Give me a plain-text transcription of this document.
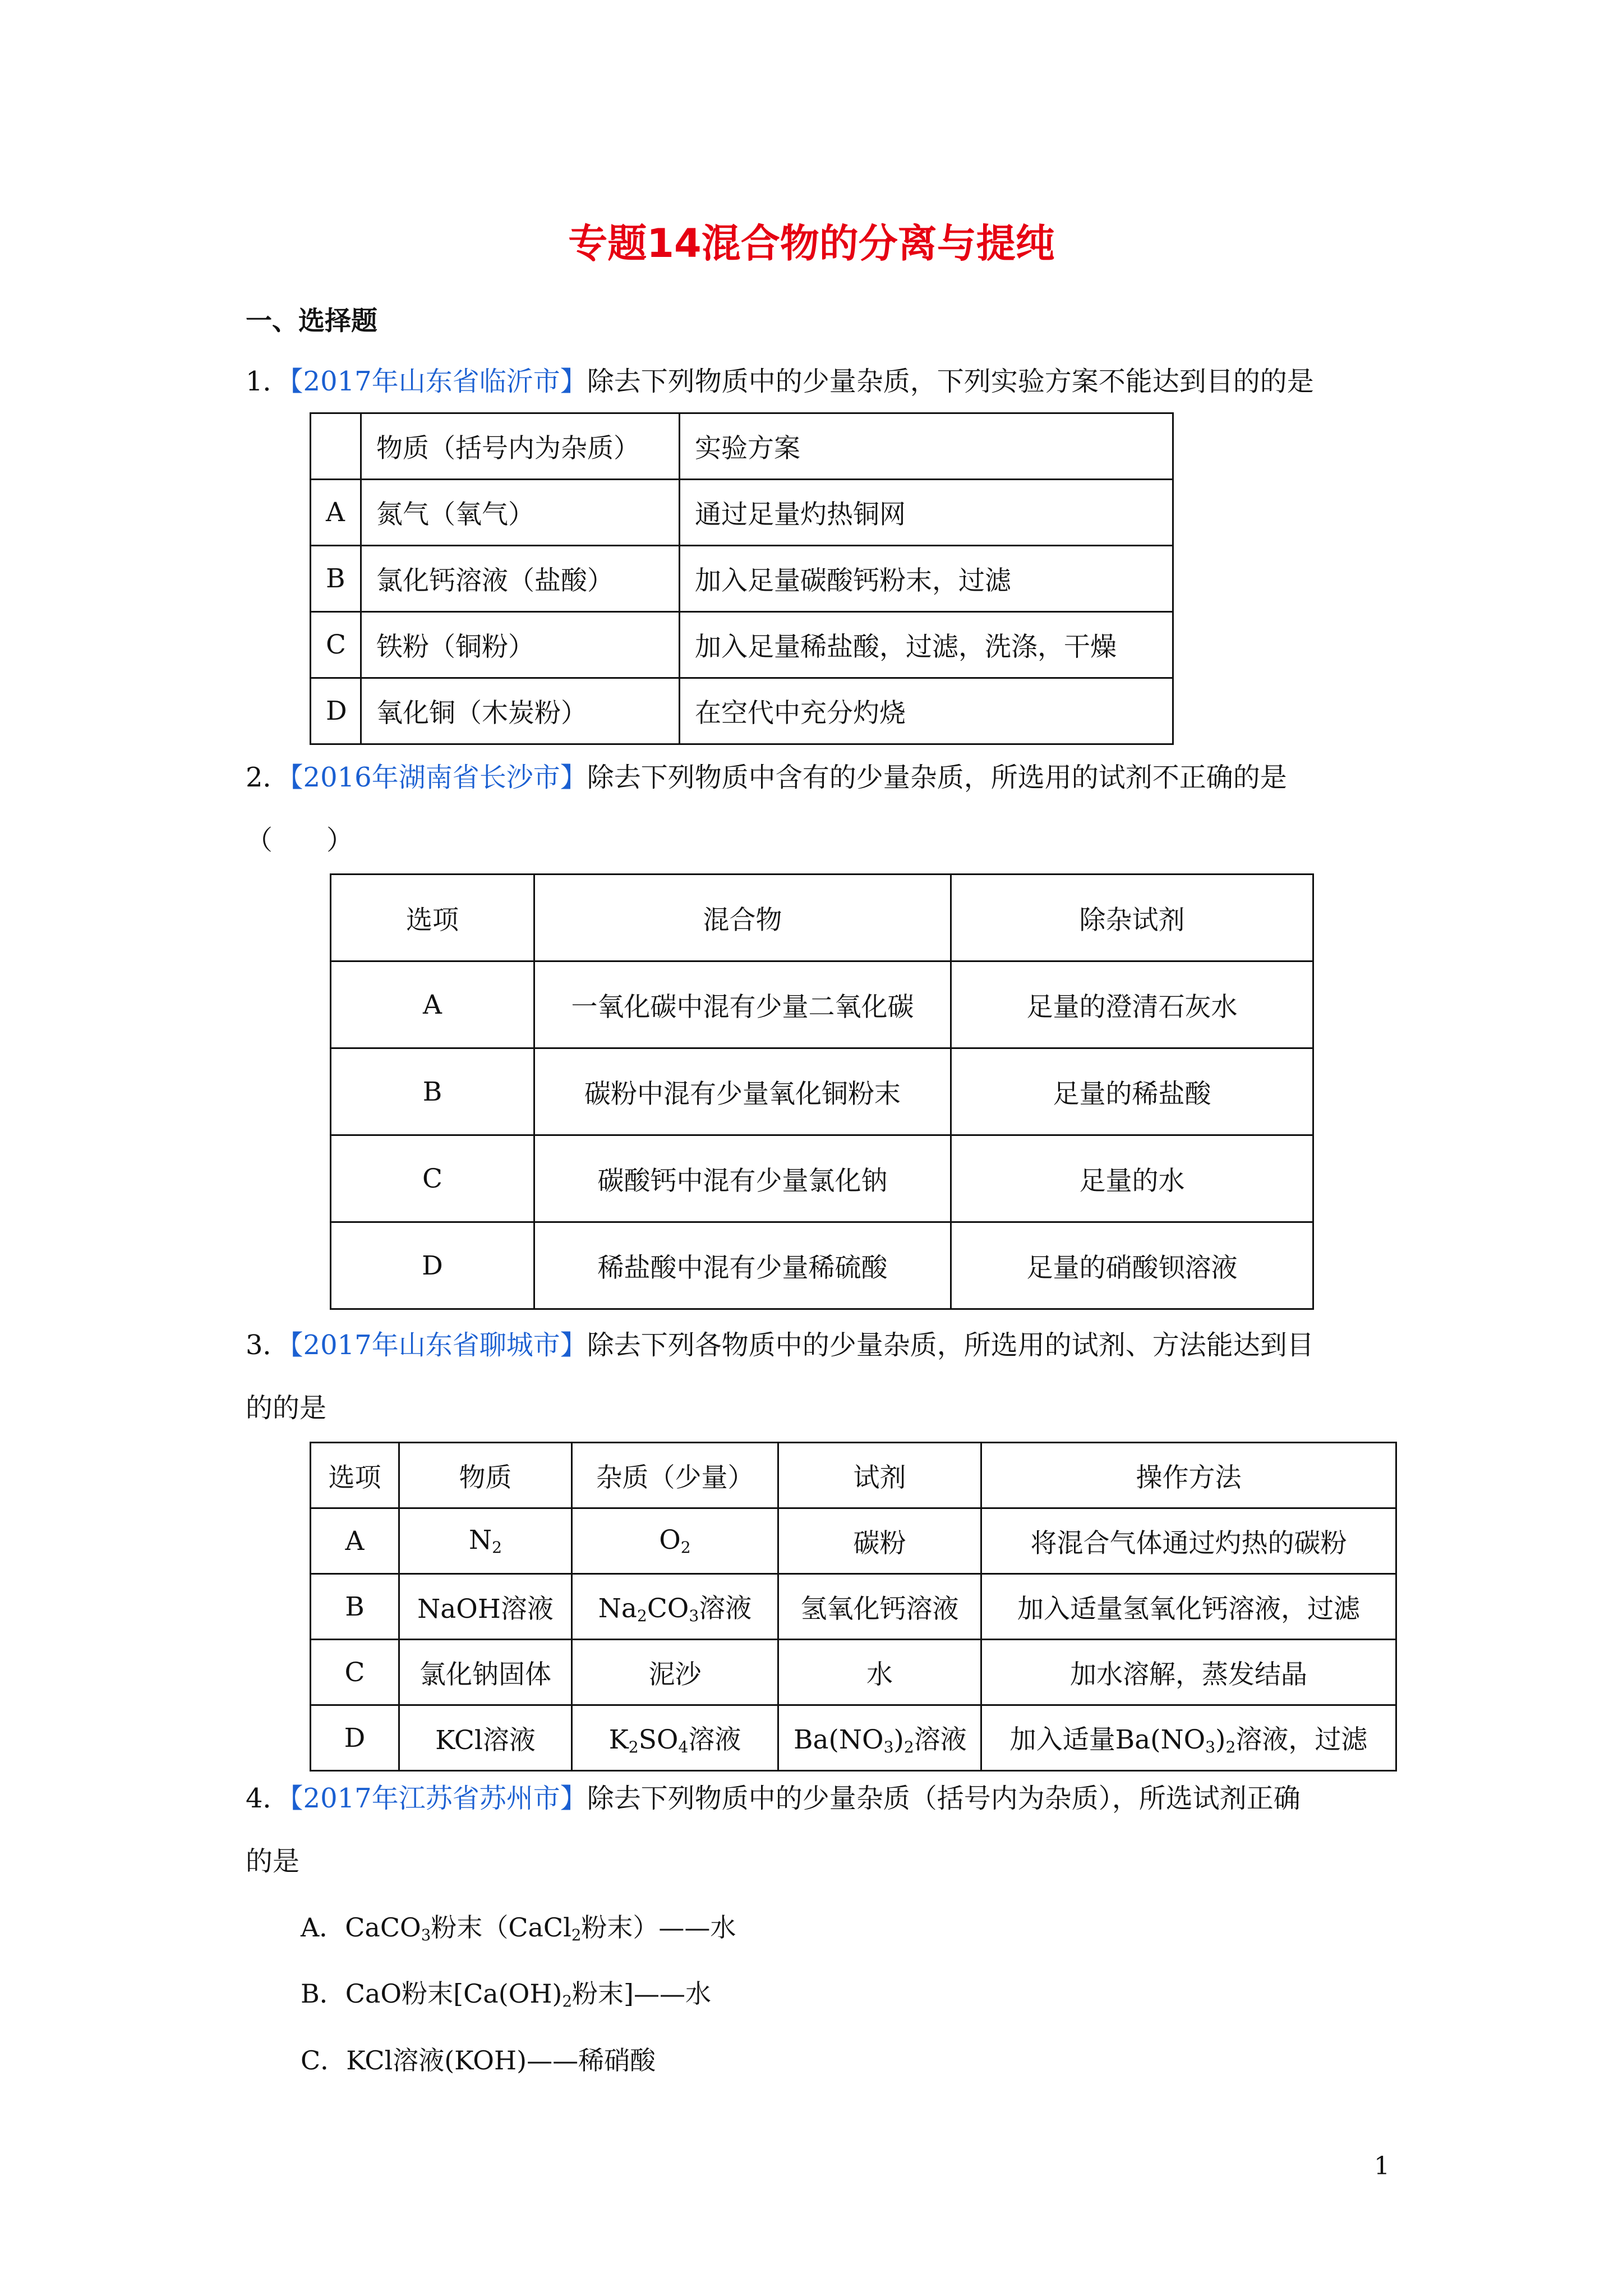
专题14混合物的分离与提纯
一、选择题

1．【2017年山东省临沂市】除去下列物质中的少量杂质，下列实验方案不能达到目的的是

	物质（括号内为杂质）	实验方案
A	氮气（氧气）	通过足量灼热铜网
B	氯化钙溶液（盐酸）	加入足量碳酸钙粉末，过滤
C	铁粉（铜粉）	加入足量稀盐酸，过滤，洗涤，干燥
D	氧化铜（木炭粉）	在空代中充分灼烧

2．【2016年湖南省长沙市】除去下列物质中含有的少量杂质，所选用的试剂不正确的是
（　　）

选项	混合物	除杂试剂
A	一氧化碳中混有少量二氧化碳	足量的澄清石灰水
B	碳粉中混有少量氧化铜粉末	足量的稀盐酸
C	碳酸钙中混有少量氯化钠	足量的水
D	稀盐酸中混有少量稀硫酸	足量的硝酸钡溶液

3．【2017年山东省聊城市】除去下列各物质中的少量杂质，所选用的试剂、方法能达到目
的的是

选项	物质	杂质（少量）	试剂	操作方法
A	$N_2$	$O_2$	碳粉	将混合气体通过灼热的碳粉
B	NaOH溶液	$Na_2CO_3$溶液	氢氧化钙溶液	加入适量氢氧化钙溶液，过滤
C	氯化钠固体	泥沙	水	加水溶解，蒸发结晶
D	KCl溶液	$K_2SO_4$溶液	$Ba(NO_3)_2$溶液	加入适量$Ba(NO_3)_2$溶液，过滤

4．【2017年江苏省苏州市】除去下列物质中的少量杂质（括号内为杂质），所选试剂正确
的是

A．CaCO$_3$粉末（CaCl$_2$粉末）——水

B．CaO粉末[$Ca(OH)_2$粉末]——水

C．KCl溶液(KOH)——稀硝酸

1
